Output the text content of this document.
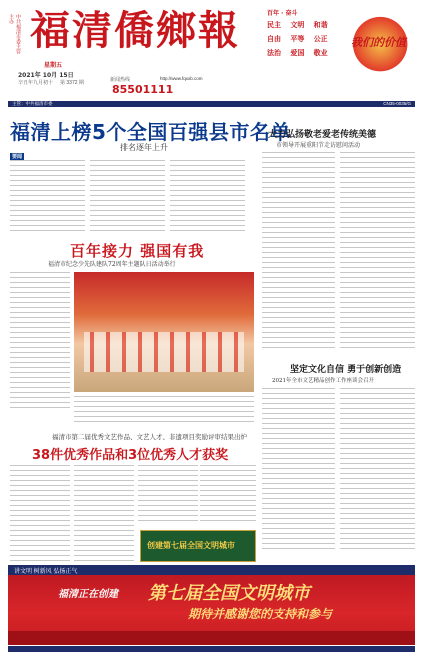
福清僑鄉報
中共福清市委主管主办
星期五
2021年 10月 15日
辛丑年九月初十 第 3372 期	新闻热线
85501111
http://www.fqxxb.com
百年 · 奋斗
民主	文明	和谐
自由	平等	公正
法治	爱国	敬业
我们的价值
主管：中共福清市委	CN35-0035/G
福清上榜5个全国百强县市名单
排名逐年上升
要闻
大力弘扬敬老爱老传统美德
市领导开展重阳节走访慰问活动
坚定文化自信 勇于创新创造
2021年全市文艺精品创作工作座谈会召开
百年接力 强国有我
福清市纪念少先队建队72周年主题队日活动举行
福清市第二届优秀文艺作品、文艺人才、非遗项目奖励评审结果出炉
38件优秀作品和3位优秀人才获奖
创建第七届全国文明城市
讲文明 树新风 弘扬正气
福清正在创建 第七届全国文明城市
期待并感谢您的支持和参与
